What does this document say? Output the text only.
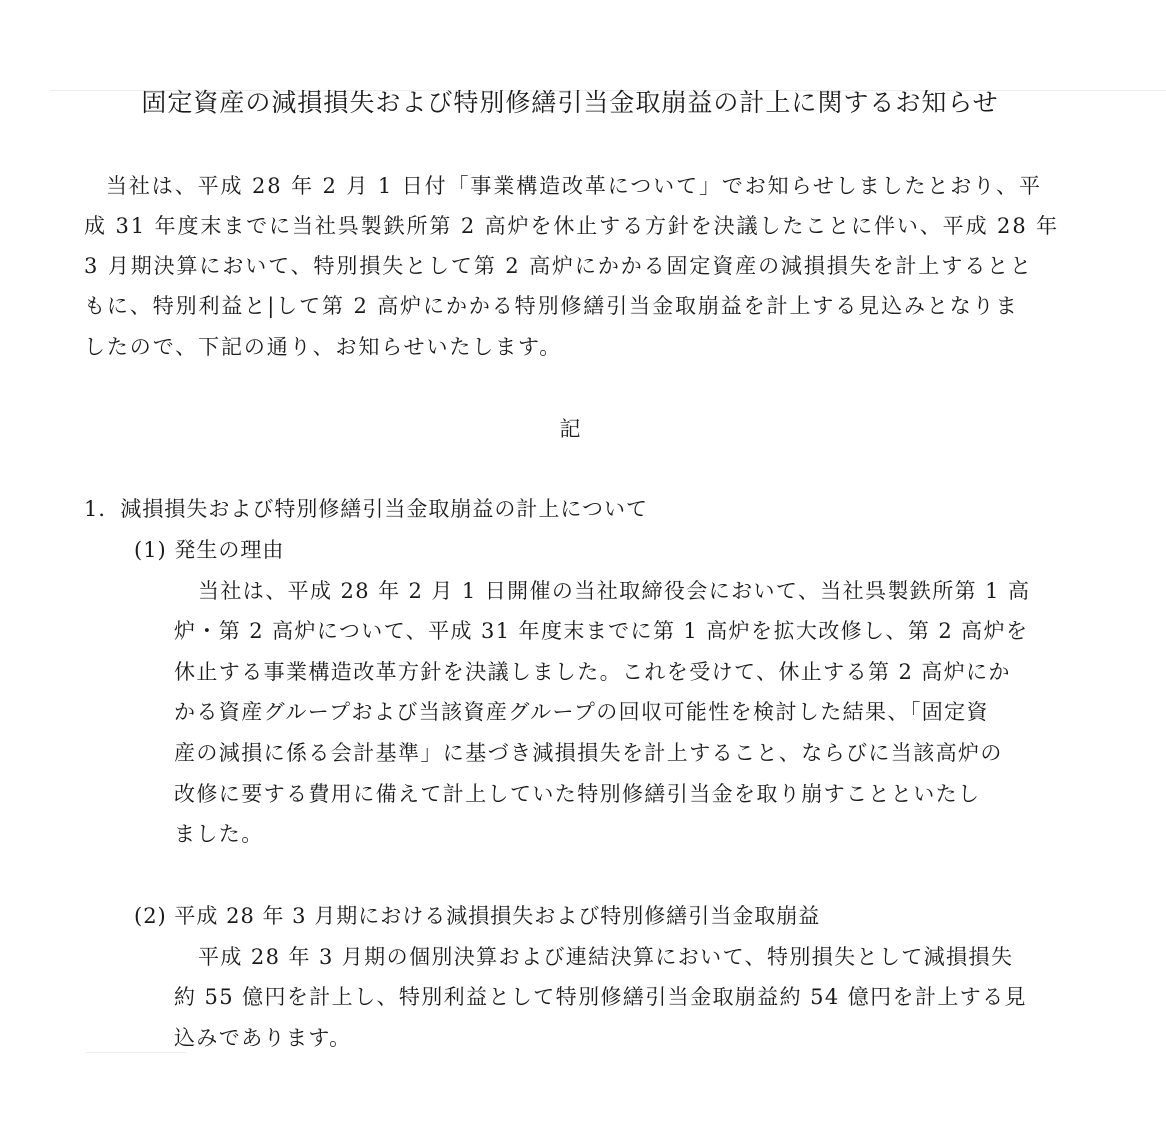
固定資産の減損損失および特別修繕引当金取崩益の計上に関するお知らせ
当社は、平成 28 年 2 月 1 日付「事業構造改革について」でお知らせしましたとおり、平
成 31 年度末までに当社呉製鉄所第 2 高炉を休止する方針を決議したことに伴い、平成 28 年
3 月期決算において、特別損失として第 2 高炉にかかる固定資産の減損損失を計上するとと
もに、特別利益と|して第 2 高炉にかかる特別修繕引当金取崩益を計上する見込みとなりま
したので、下記の通り、お知らせいたします。
記
1．減損損失および特別修繕引当金取崩益の計上について
(1) 発生の理由
当社は、平成 28 年 2 月 1 日開催の当社取締役会において、当社呉製鉄所第 1 高
炉・第 2 高炉について、平成 31 年度末までに第 1 高炉を拡大改修し、第 2 高炉を
休止する事業構造改革方針を決議しました。これを受けて、休止する第 2 高炉にか
かる資産グループおよび当該資産グループの回収可能性を検討した結果、「固定資
産の減損に係る会計基準」に基づき減損損失を計上すること、ならびに当該高炉の
改修に要する費用に備えて計上していた特別修繕引当金を取り崩すことといたし
ました。
(2) 平成 28 年 3 月期における減損損失および特別修繕引当金取崩益
平成 28 年 3 月期の個別決算および連結決算において、特別損失として減損損失
約 55 億円を計上し、特別利益として特別修繕引当金取崩益約 54 億円を計上する見
込みであります。
